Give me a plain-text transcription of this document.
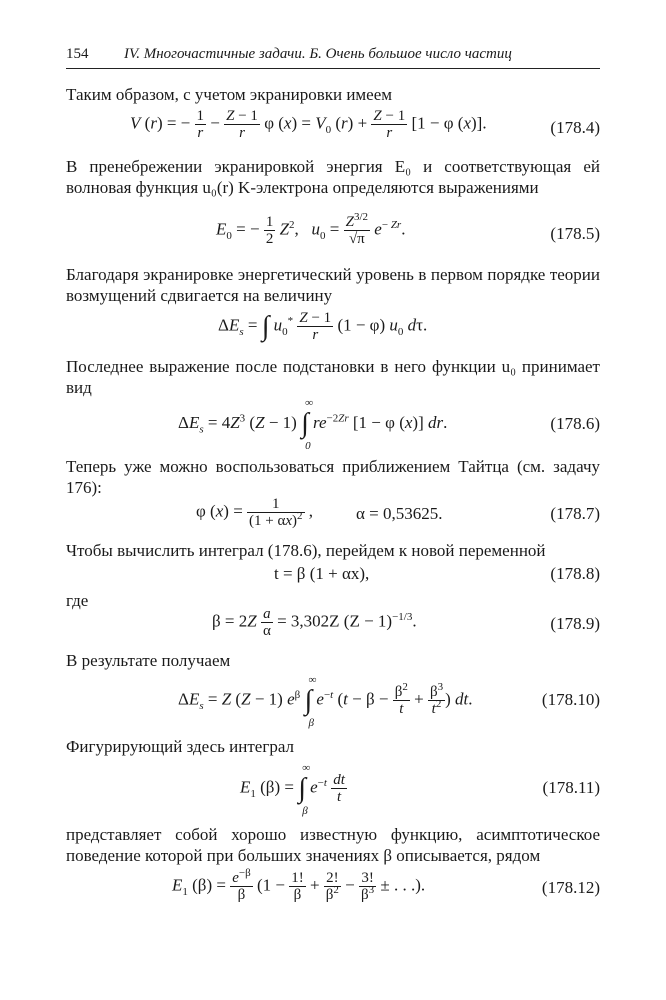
154 IV. Многочастичные задачи. Б. Очень большое число частиц
Таким образом, с учетом экранировки имеем
V (r) = − $\frac{1}{r} - \frac{Z - 1}{r}$ φ $(x) = V_0$ $(r) + \frac{Z - 1}{r} [1 - \varphi$ (x)].	(178.4)
В пренебрежении экранировкой энергия E₀ и соответствующая ей волновая функция u₀(r) K-электрона определяются выражениями
$E_0$ = − $\frac{1}{2} Z^2$,   $u_0 = \frac{Z^{3/2}}{√\pi} e^{- Zr}$.	(178.5)
Благодаря экранировке энергетический уровень в первом порядке теории возмущений сдвигается на величину
$\Delta E_s$ = ∫ $u_0^* \frac{Z - 1}{r} (1 - \varphi)$ $u_0$ dτ.
Последнее выражение после подстановки в него функции u₀ принимает вид
$\Delta E_s = 4Z^3$ (Z − 1) ∫
∞
0
$re^{-2Zr}$ [1 − φ (x)] dr.	(178.6)
Теперь уже можно воспользоваться приближением Тайтца (см. задачу 176):
φ $(x) = \frac{1}{(1 + \alpha x)^2}$ ,	α = 0,53625.	(178.7)
Чтобы вычислить интеграл (178.6), перейдем к новой переменной
t = β (1 + αx),	(178.8)
где
$\beta = 2Z \frac{a}{\alpha} = 3,302Z$ $(Z - 1)^{-1/3}$.	(178.9)
В результате получаем
$\Delta E_s = Z$ (Z − 1) $e^\beta$ ∫
∞
β
$e^{-t}$ ($t - \beta - \frac{\beta^2}{t} + \frac{\beta^3}{t^2}$ ) dt.	(178.10)
Фигурирующий здесь интеграл
$E_1$ (β) = ∫
∞
β
$e^{-t} \frac{dt}{t}$	(178.11)
представляет собой хорошо известную функцию, асимптотическое поведение которой при больших значениях β описывается, рядом
$E_1$ $(\beta) = \frac{e^{-\beta}}{\beta} (1 - \frac{1!}{\beta} + \frac{2!}{\beta^2} - \frac{3!}{\beta^3}$ ± . . .).	(178.12)
